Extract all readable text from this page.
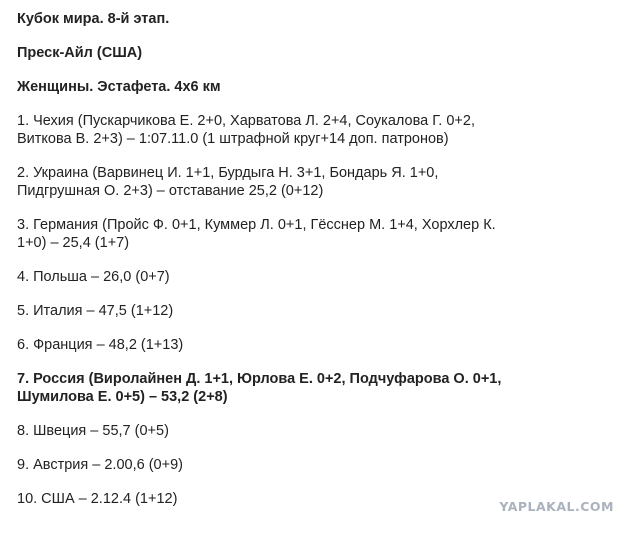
Кубок мира. 8-й этап.
Преск-Айл (США)
Женщины. Эстафета. 4х6 км
1. Чехия (Пускарчикова Е. 2+0, Харватова Л. 2+4, Соукалова Г. 0+2,
Виткова В. 2+3) – 1:07.11.0 (1 штрафной круг+14 доп. патронов)
2. Украина (Варвинец И. 1+1, Бурдыга Н. 3+1, Бондарь Я. 1+0,
Пидгрушная О. 2+3) – отставание 25,2 (0+12)
3. Германия (Пройс Ф. 0+1, Куммер Л. 0+1, Гёсснер М. 1+4, Хорхлер К.
1+0) – 25,4 (1+7)
4. Польша – 26,0 (0+7)
5. Италия – 47,5 (1+12)
6. Франция – 48,2 (1+13)
7. Россия (Виролайнен Д. 1+1, Юрлова Е. 0+2, Подчуфарова О. 0+1,
Шумилова Е. 0+5) – 53,2 (2+8)
8. Швеция – 55,7 (0+5)
9. Австрия – 2.00,6 (0+9)
10. США – 2.12.4 (1+12)	YAPLAKAL.COM
